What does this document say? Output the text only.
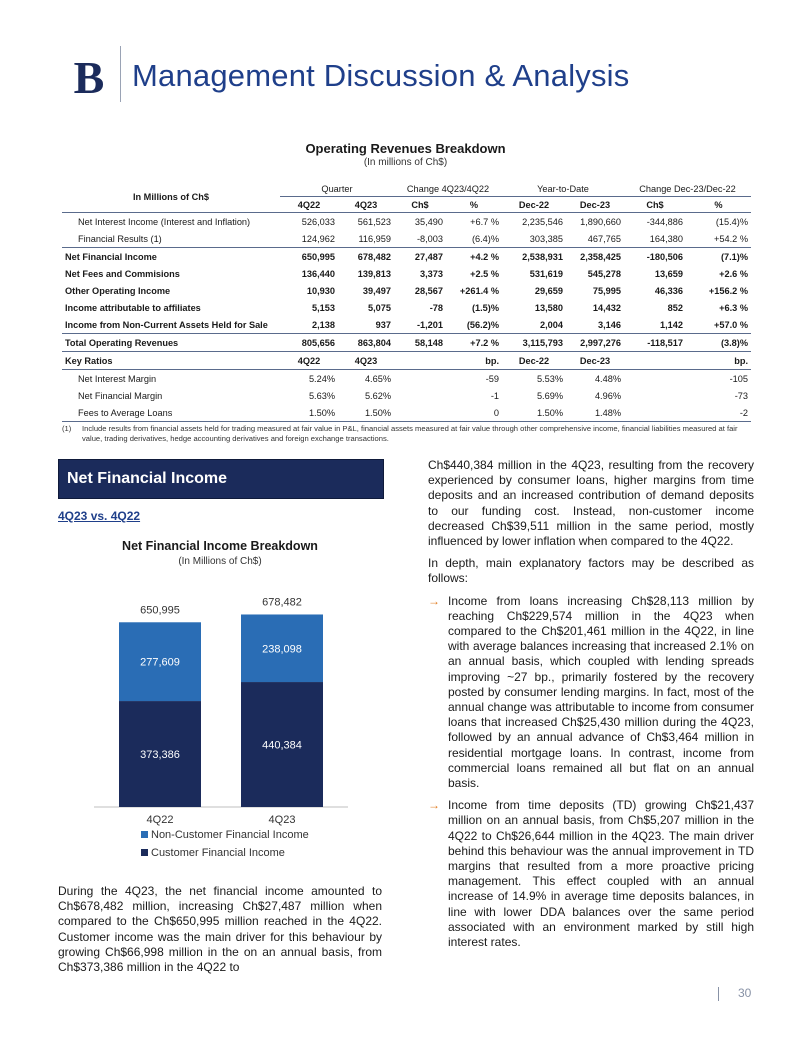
B Management Discussion & Analysis
Operating Revenues Breakdown
(In millions of Ch$)
In Millions of Ch$	Quarter		Change 4Q23/4Q22		Year-to-Date		Change Dec-23/Dec-22	
	4Q22	4Q23	Ch$	%	Dec-22	Dec-23	Ch$	%
Net Interest Income (Interest and Inflation)	526,033	561,523	35,490	+6.7 %	2,235,546	1,890,660	-344,886	(15.4)%
Financial Results (1)	124,962	116,959	-8,003	(6.4)%	303,385	467,765	164,380	+54.2 %
Net Financial Income	650,995	678,482	27,487	+4.2 %	2,538,931	2,358,425	-180,506	(7.1)%
Net Fees and Commisions	136,440	139,813	3,373	+2.5 %	531,619	545,278	13,659	+2.6 %
Other Operating Income	10,930	39,497	28,567	+261.4 %	29,659	75,995	46,336	+156.2 %
Income attributable to affiliates	5,153	5,075	-78	(1.5)%	13,580	14,432	852	+6.3 %
Income from Non-Current Assets Held for Sale	2,138	937	-1,201	(56.2)%	2,004	3,146	1,142	+57.0 %
Total Operating Revenues	805,656	863,804	58,148	+7.2 %	3,115,793	2,997,276	-118,517	(3.8)%
Key Ratios	4Q22	4Q23		bp.	Dec-22	Dec-23		bp.
Net Interest Margin	5.24%	4.65%		-59	5.53%	4.48%		-105
Net Financial Margin	5.63%	5.62%		-1	5.69%	4.96%		-73
Fees to Average Loans	1.50%	1.50%		0	1.50%	1.48%		-2
(1) Include results from financial assets held for trading measured at fair value in P&L, financial assets measured at fair value through other comprehensive income, financial liabilities measured at fair value, trading derivatives, hedge accounting derivatives and foreign exchange transactions.
Net Financial Income
4Q23 vs. 4Q22
Net Financial Income Breakdown
(In Millions of Ch$)
373,386
277,609
650,995
4Q22
440,384
238,098
678,482
4Q23
Non-Customer Financial Income
Customer Financial Income
During the 4Q23, the net financial income amounted to Ch$678,482 million, increasing Ch$27,487 million when compared to the Ch$650,995 million reached in the 4Q22. Customer income was the main driver for this behaviour by growing Ch$66,998 million in the on an annual basis, from Ch$373,386 million in the 4Q22 to

Ch$440,384 million in the 4Q23, resulting from the recovery experienced by consumer loans, higher margins from time deposits and an increased contribution of demand deposits to our funding cost. Instead, non-customer income decreased Ch$39,511 million in the same period, mostly influenced by lower inflation when compared to the 4Q22.

In depth, main explanatory factors may be described as follows:

→ Income from loans increasing Ch$28,113 million by reaching Ch$229,574 million in the 4Q23 when compared to the Ch$201,461 million in the 4Q22, in line with average balances increasing that increased 2.1% on an annual basis, which coupled with lending spreads improving ~27 bp., primarily fostered by the recovery posted by consumer lending margins. In fact, most of the annual change was attributable to income from consumer loans that increased Ch$25,430 million during the 4Q23, followed by an annual advance of Ch$3,464 million in residential mortgage loans. In contrast, income from commercial loans remained all but flat on an annual basis.
→ Income from time deposits (TD) growing Ch$21,437 million on an annual basis, from Ch$5,207 million in the 4Q22 to Ch$26,644 million in the 4Q23. The main driver behind this behaviour was the annual improvement in TD margins that resulted from a more proactive pricing management. This effect coupled with an annual increase of 14.9% in average time deposits balances, in line with lower DDA balances over the same period associated with an environment marked by still high interest rates.
30
